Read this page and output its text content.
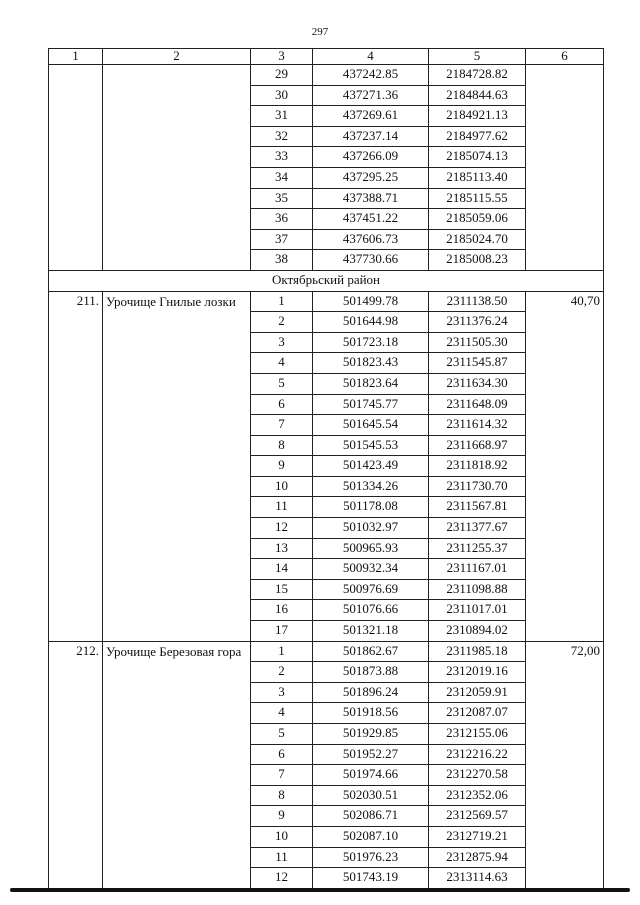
297
1	2	3	4	5	6
		29	437242.85	2184728.82	
		30	437271.36	2184844.63	
		31	437269.61	2184921.13	
		32	437237.14	2184977.62	
		33	437266.09	2185074.13	
		34	437295.25	2185113.40	
		35	437388.71	2185115.55	
		36	437451.22	2185059.06	
		37	437606.73	2185024.70	
		38	437730.66	2185008.23	
Октябрьский район					
211.	Урочище Гнилые лозки	1	501499.78	2311138.50	40,70
		2	501644.98	2311376.24	
		3	501723.18	2311505.30	
		4	501823.43	2311545.87	
		5	501823.64	2311634.30	
		6	501745.77	2311648.09	
		7	501645.54	2311614.32	
		8	501545.53	2311668.97	
		9	501423.49	2311818.92	
		10	501334.26	2311730.70	
		11	501178.08	2311567.81	
		12	501032.97	2311377.67	
		13	500965.93	2311255.37	
		14	500932.34	2311167.01	
		15	500976.69	2311098.88	
		16	501076.66	2311017.01	
		17	501321.18	2310894.02	
212.	Урочище Березовая гора	1	501862.67	2311985.18	72,00
		2	501873.88	2312019.16	
		3	501896.24	2312059.91	
		4	501918.56	2312087.07	
		5	501929.85	2312155.06	
		6	501952.27	2312216.22	
		7	501974.66	2312270.58	
		8	502030.51	2312352.06	
		9	502086.71	2312569.57	
		10	502087.10	2312719.21	
		11	501976.23	2312875.94	
		12	501743.19	2313114.63	
